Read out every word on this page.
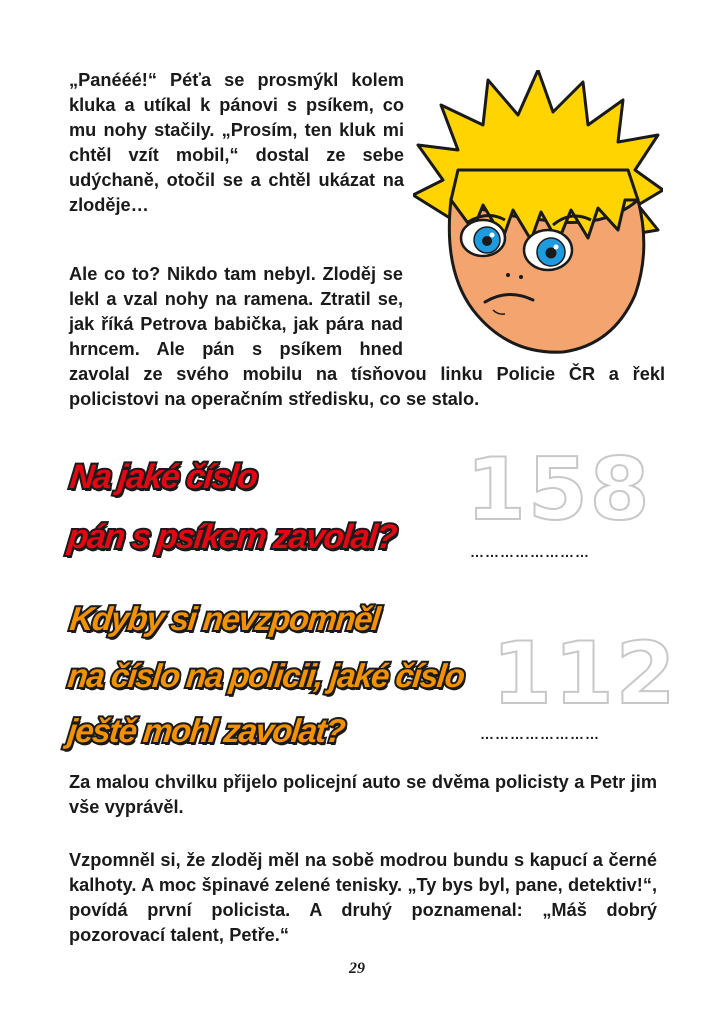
„Panééé!“ Péťa se prosmýkl kolem kluka a utíkal k pánovi s psíkem, co mu nohy stačily. „Prosím, ten kluk mi chtěl vzít mobil,“ dostal ze sebe udýchaně, otočil se a chtěl ukázat na zloděje…

Ale co to? Nikdo tam nebyl. Zloděj se lekl a vzal nohy na ramena. Ztratil se, jak říká Petrova babička, jak pára nad hrncem. Ale pán s psíkem hned zavolal ze svého mobilu na tísňovou linku Policie ČR a řekl policistovi na operačním středisku, co se stalo.
Na jaké číslo
pán s psíkem zavolal? 158
……………………
Kdyby si nevzpomněl
na číslo na policii, jaké číslo
ještě mohl zavolat?
112
……………………

Za malou chvilku přijelo policejní auto se dvěma policisty a Petr jim vše vyprávěl.

Vzpomněl si, že zloděj měl na sobě modrou bundu s kapucí a černé kalhoty. A moc špinavé zelené tenisky. „Ty bys byl, pane, detektiv!“, povídá první policista. A druhý poznamenal: „Máš dobrý pozorovací talent, Petře.“

29
